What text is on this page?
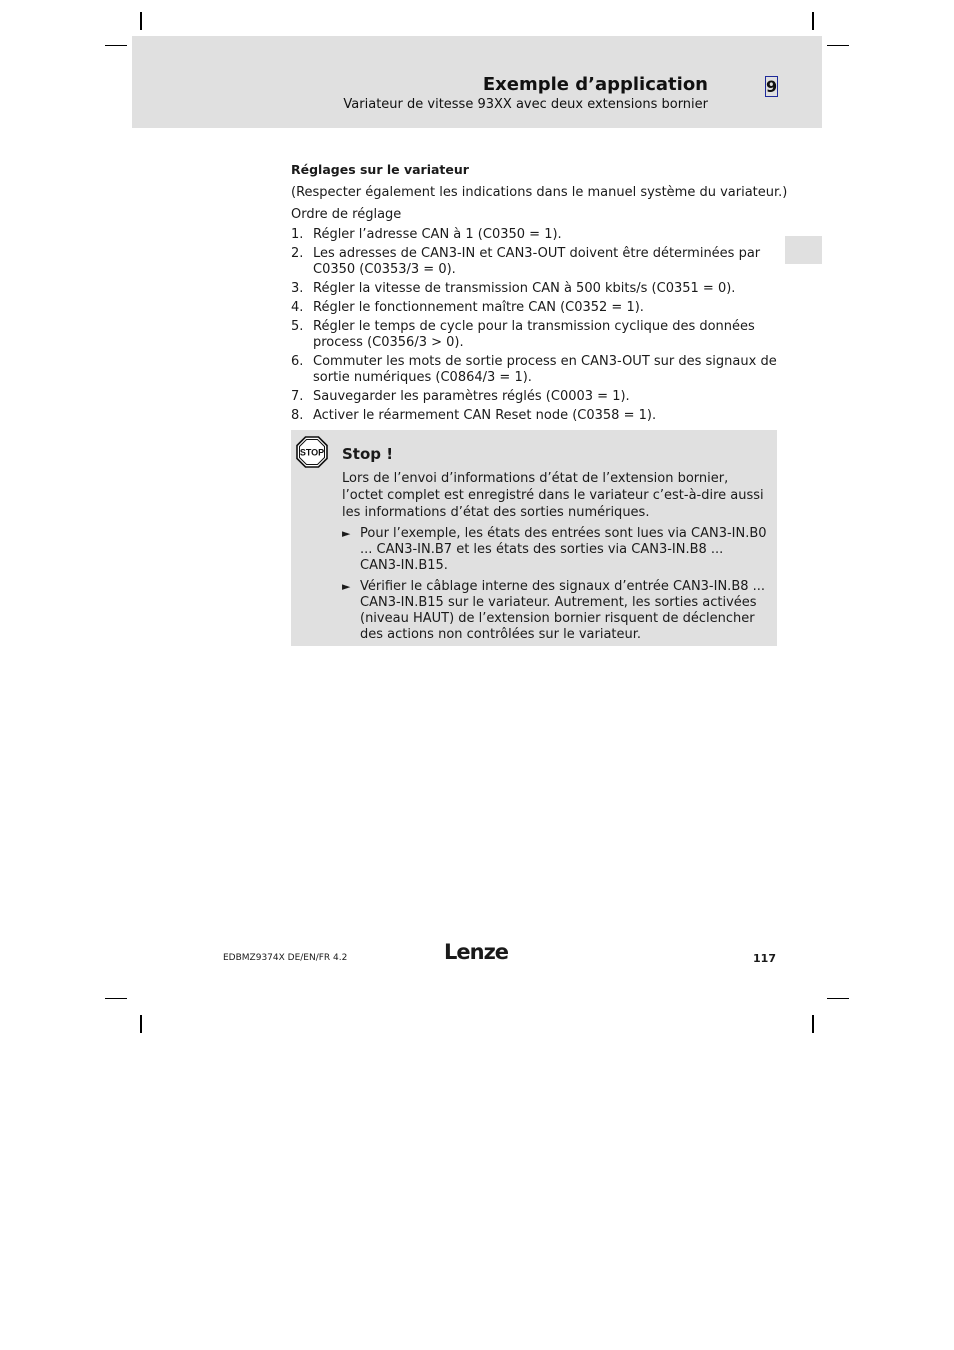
Exemple d’application

Variateur de vitesse 93XX avec deux extensions bornier

9
Réglages sur le variateur

(Respecter également les indications dans le manuel système du variateur.)

Ordre de réglage

1. Régler l’adresse CAN à 1 (C0350 = 1).
2. Les adresses de CAN3-IN et CAN3-OUT doivent être déterminées par C0350 (C0353/3 = 0).
3. Régler la vitesse de transmission CAN à 500 kbits/s (C0351 = 0).
4. Régler le fonctionnement maître CAN (C0352 = 1).
5. Régler le temps de cycle pour la transmission cyclique des données process (C0356/3 > 0).
6. Commuter les mots de sortie process en CAN3-OUT sur des signaux de sortie numériques (C0864/3 = 1).
7. Sauvegarder les paramètres réglés (C0003 = 1).
8. Activer le réarmement CAN Reset node (C0358 = 1).
STOP Stop !

Lors de l’envoi d’informations d’état de l’extension bornier, l’octet complet est enregistré dans le variateur c’est-à-dire aussi les informations d’état des sorties numériques.

► Pour l’exemple, les états des entrées sont lues via CAN3-IN.B0 ... CAN3-IN.B7 et les états des sorties via CAN3-IN.B8 ... CAN3-IN.B15.
► Vérifier le câblage interne des signaux d’entrée CAN3-IN.B8 ... CAN3-IN.B15 sur le variateur. Autrement, les sorties activées (niveau HAUT) de l’extension bornier risquent de déclencher des actions non contrôlées sur le variateur.

EDBMZ9374X DE/EN/FR 4.2	Lenze	117
